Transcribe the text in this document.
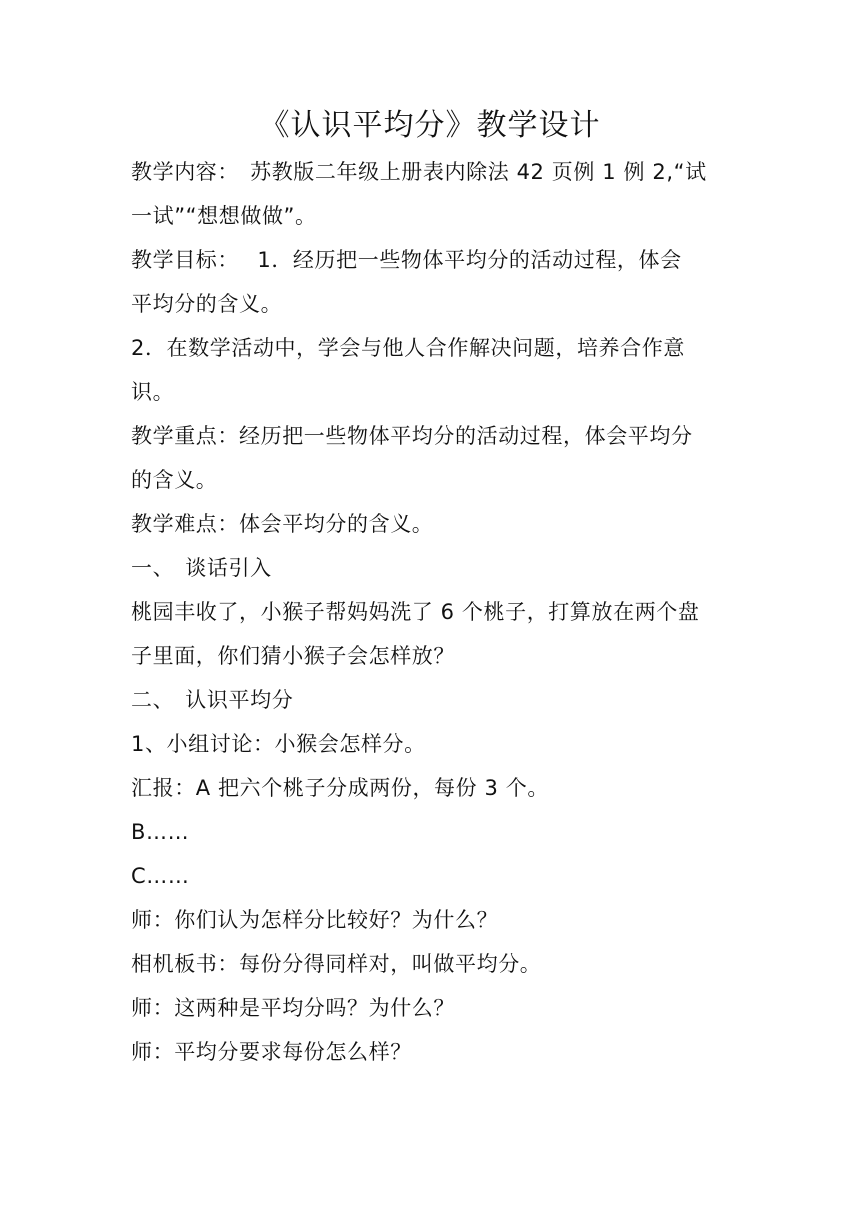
《认识平均分》教学设计
教学内容：　苏教版二年级上册表内除法 42 页例 1 例 2,“试
一试”“想想做做”。
教学目标：　 1．经历把一些物体平均分的活动过程，体会
平均分的含义。
2．在数学活动中，学会与他人合作解决问题，培养合作意
识。
教学重点：经历把一些物体平均分的活动过程，体会平均分
的含义。
教学难点：体会平均分的含义。
一、　谈话引入
桃园丰收了，小猴子帮妈妈洗了 6 个桃子，打算放在两个盘
子里面，你们猜小猴子会怎样放？
二、　认识平均分
1、小组讨论：小猴会怎样分。
汇报：A 把六个桃子分成两份，每份 3 个。
B……
C……
师：你们认为怎样分比较好？为什么？
相机板书：每份分得同样对，叫做平均分。
师：这两种是平均分吗？为什么？
师：平均分要求每份怎么样？
